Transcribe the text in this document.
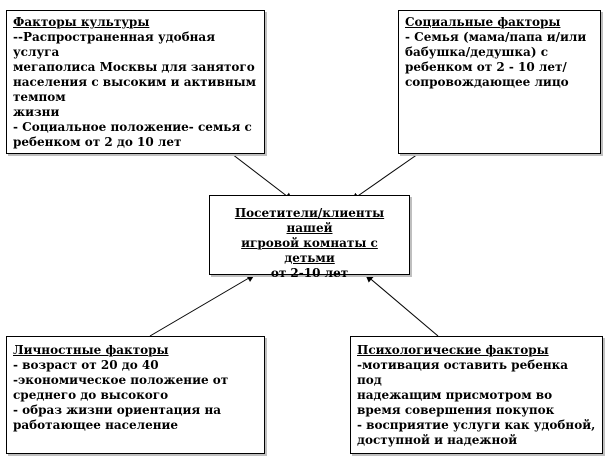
Факторы культуры
--Распространенная удобная услуга
мегаполиса Москвы для занятого
населения с высоким и активным темпом
жизни
- Социальное положение- семья с
ребенком от 2 до 10 лет
Социальные факторы
- Семья (мама/папа и/или
бабушка/дедушка) с
ребенком от 2 - 10 лет/
сопровождающее лицо
Посетители/клиенты нашей
игровой комнаты с детьми
от 2-10 лет
Личностные факторы
- возраст от 20 до 40
-экономическое положение от
среднего до высокого
- образ жизни ориентация на
работающее население
Психологические факторы
-мотивация оставить ребенка под
надежащим присмотром во
время совершения покупок
- восприятие услуги как удобной,
доступной и надежной
